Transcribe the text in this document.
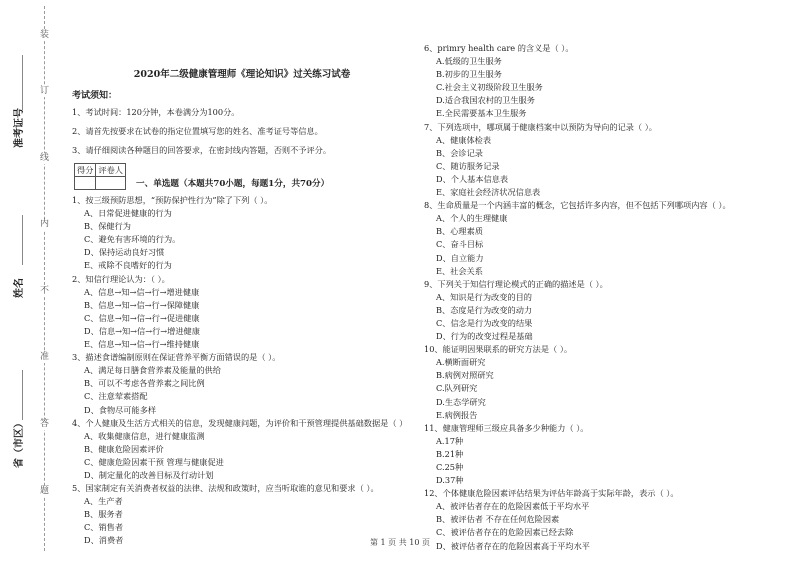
装
订
线
内
不
准
答
题
准考证号
姓名
省（市区）
2020年二级健康管理师《理论知识》过关练习试卷
考试须知：
1、考试时间：120分钟，本卷满分为100分。
2、请首先按要求在试卷的指定位置填写您的姓名、准考证号等信息。
3、请仔细阅读各种题目的回答要求，在密封线内答题，否则不予评分。
得分	评卷人

一、单选题（本题共70小题，每题1分，共70分）
1、按三级预防思想，“预防保护性行为”除了下列（ ）。
A、日常促进健康的行为
B、保健行为
C、避免有害环境的行为。
D、保持运动良好习惯
E、戒除不良嗜好的行为
2、知信行理论认为：（ ）。
A、信息→知→信→行→增进健康
B、信息→知→信→行→保障健康
C、信息→知→信→行→促进健康
D、信息→知→信→行→增进健康
E、信息→知→信→行→维持健康
3、描述食谱编制原则在保证营养平衡方面错误的是（ ）。
A、满足每日膳食营养素及能量的供给
B、可以不考虑各营养素之间比例
C、注意荤素搭配
D、食物尽可能多样
4、个人健康及生活方式相关的信息，发现健康问题，为评价和干预管理提供基础数据是（ ）
A、收集健康信息，进行健康监测
B、健康危险因素评价
C、健康危险因素干预 管理与健康促进
D、制定量化的改善目标及行动计划
5、国家制定有关消费者权益的法律、法规和政策时，应当听取谁的意见和要求（ ）。
A、生产者
B、服务者
C、销售者
D、消费者
6、primry health care 的含义是（ ）。
A.低级的卫生服务
B.初步的卫生服务
C.社会主义初级阶段卫生服务
D.适合我国农村的卫生服务
E.全民需要基本卫生服务
7、下列选项中，哪项属于健康档案中以预防为导向的记录（ ）。
A、健康体检表
B、会诊记录
C、随访服务记录
D、个人基本信息表
E、家庭社会经济状况信息表
8、生命质量是一个内涵丰富的概念，它包括许多内容，但不包括下列哪项内容（ ）。
A、个人的生理健康
B、心理素质
C、奋斗目标
D、自立能力
E、社会关系
9、下列关于知信行理论模式的正确的描述是（ ）。
A、知识是行为改变的目的
B、态度是行为改变的动力
C、信念是行为改变的结果
D、行为的改变过程是基础
10、能证明因果联系的研究方法是（ ）。
A.横断面研究
B.病例对照研究
C.队列研究
D.生态学研究
E.病例报告
11、健康管理师三级应具备多少种能力（ ）。
A.17种
B.21种
C.25种
D.37种
12、个体健康危险因素评估结果为评估年龄高于实际年龄，表示（ ）。
A、被评估者存在的危险因素低于平均水平
B、被评估者 不存在任何危险因素
C、被评估者存在的危险因素已经去除
D、被评估者存在的危险因素高于平均水平
第 1 页 共 10 页
